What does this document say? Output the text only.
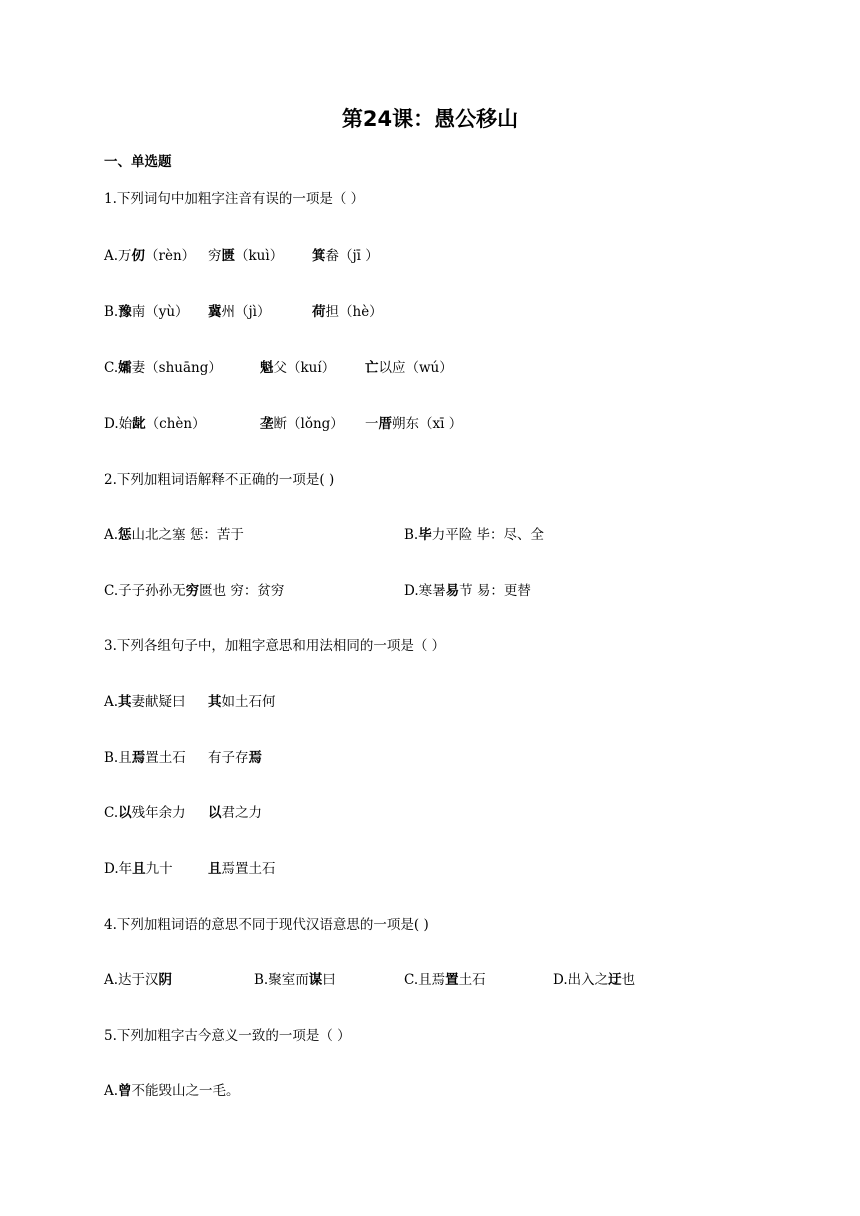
第24课：愚公移山
一、单选题
1.下列词句中加粗字注音有误的一项是（ ）
A.万仞（rèn） 穷匮（kuì） 箕畚（jī ）
B.豫南（yù） 冀州（jì）	荷担（hè）
C.孀妻（shuāng）	魁父（kuí） 亡以应（wú）
D.始龀（chèn）	垄断（lǒng） 一厝朔东（xī ）
2.下列加粗词语解释不正确的一项是( )
A.惩山北之塞 惩：苦于	B.毕力平险 毕：尽、全
C.子子孙孙无穷匮也 穷：贫穷	D.寒暑易节 易：更替
3.下列各组句子中，加粗字意思和用法相同的一项是（ ）
A.其妻献疑曰 其如土石何
B.且焉置土石 有子存焉
C.以残年余力 以君之力
D.年且九十	且焉置土石
4.下列加粗词语的意思不同于现代汉语意思的一项是( )
A.达于汉阴	B.聚室而谋曰	C.且焉置土石	D.出入之迂也
5.下列加粗字古今意义一致的一项是（ ）
A.曾不能毁山之一毛。
